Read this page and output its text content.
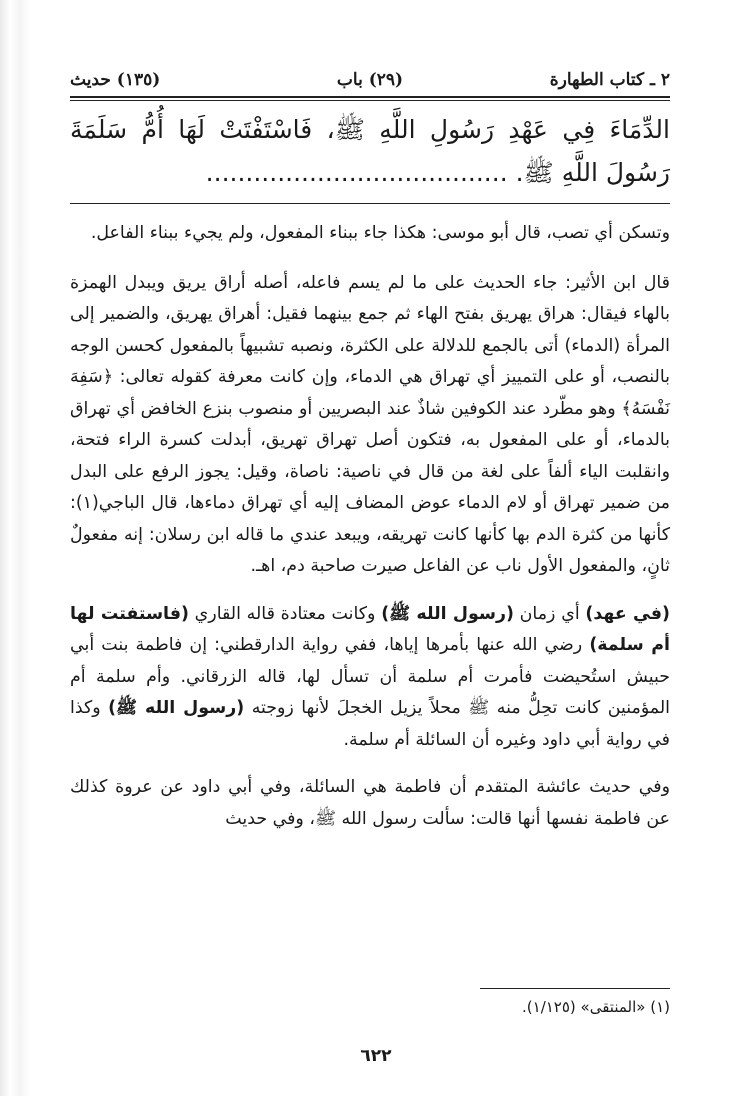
٢ ـ كتاب الطهارة
(٢٩) باب
(١٣٥) حديث
الدِّمَاءَ فِي عَهْدِ رَسُولِ اللَّهِ ﷺ، فَاسْتَفْتَتْ لَهَا أُمُّ سَلَمَةَ رَسُولَ اللَّهِ ﷺ. ......................................

وتسكن أي تصب، قال أبو موسى: هكذا جاء ببناء المفعول، ولم يجيء ببناء الفاعل.

قال ابن الأثير: جاء الحديث على ما لم يسم فاعله، أصله أراق يريق ويبدل الهمزة بالهاء فيقال: هراق يهريق بفتح الهاء ثم جمع بينهما فقيل: أهراق يهريق، والضمير إلى المرأة (الدماء) أتى بالجمع للدلالة على الكثرة، ونصبه تشبيهاً بالمفعول كحسن الوجه بالنصب، أو على التمييز أي تهراق هي الدماء، وإن كانت معرفة كقوله تعالى: ﴿سَفِهَ نَفْسَهُ﴾ وهو مطّرد عند الكوفين شاذٌ عند البصريين أو منصوب بنزع الخافض أي تهراق بالدماء، أو على المفعول به، فتكون أصل تهراق تهريق، أبدلت كسرة الراء فتحة، وانقلبت الياء ألفاً على لغة من قال في ناصية: ناصاة، وقيل: يجوز الرفع على البدل من ضمير تهراق أو لام الدماء عوض المضاف إليه أي تهراق دماءها، قال الباجي(١): كأنها من كثرة الدم بها كأنها كانت تهريقه، ويبعد عندي ما قاله ابن رسلان: إنه مفعولٌ ثانٍ، والمفعول الأول ناب عن الفاعل صيرت صاحبة دم، اهـ.

(في عهد) أي زمان (رسول الله ﷺ) وكانت معتادة قاله القاري (فاستفتت لها أم سلمة) رضي الله عنها بأمرها إياها، ففي رواية الدارقطني: إن فاطمة بنت أبي حبيش استُحيضت فأمرت أم سلمة أن تسأل لها، قاله الزرقاني. وأم سلمة أم المؤمنين كانت تحِلُّ منه ﷺ محلاً يزيل الخجلَ لأنها زوجته (رسول الله ﷺ) وكذا في رواية أبي داود وغيره أن السائلة أم سلمة.

وفي حديث عائشة المتقدم أن فاطمة هي السائلة، وفي أبي داود عن عروة كذلك عن فاطمة نفسها أنها قالت: سألت رسول الله ﷺ، وفي حديث

(١) «المنتقى» (١/١٢٥).
٦٢٢
